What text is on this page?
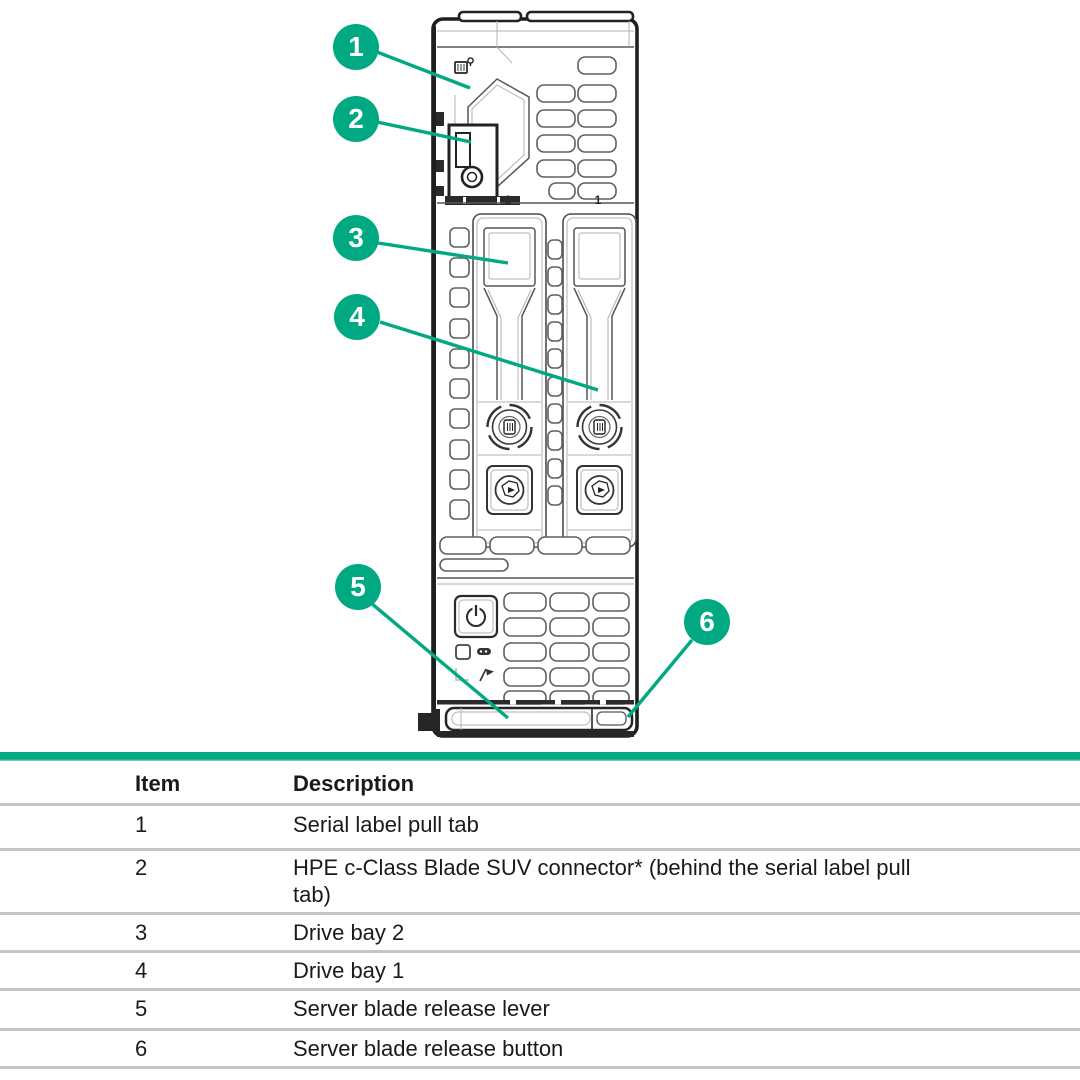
2	1
1
2
3
4
5
6
Item	Description
1	Serial label pull tab
2	HPE c-Class Blade SUV connector* (behind the serial label pull tab)
3	Drive bay 2
4	Drive bay 1
5	Server blade release lever
6	Server blade release button
